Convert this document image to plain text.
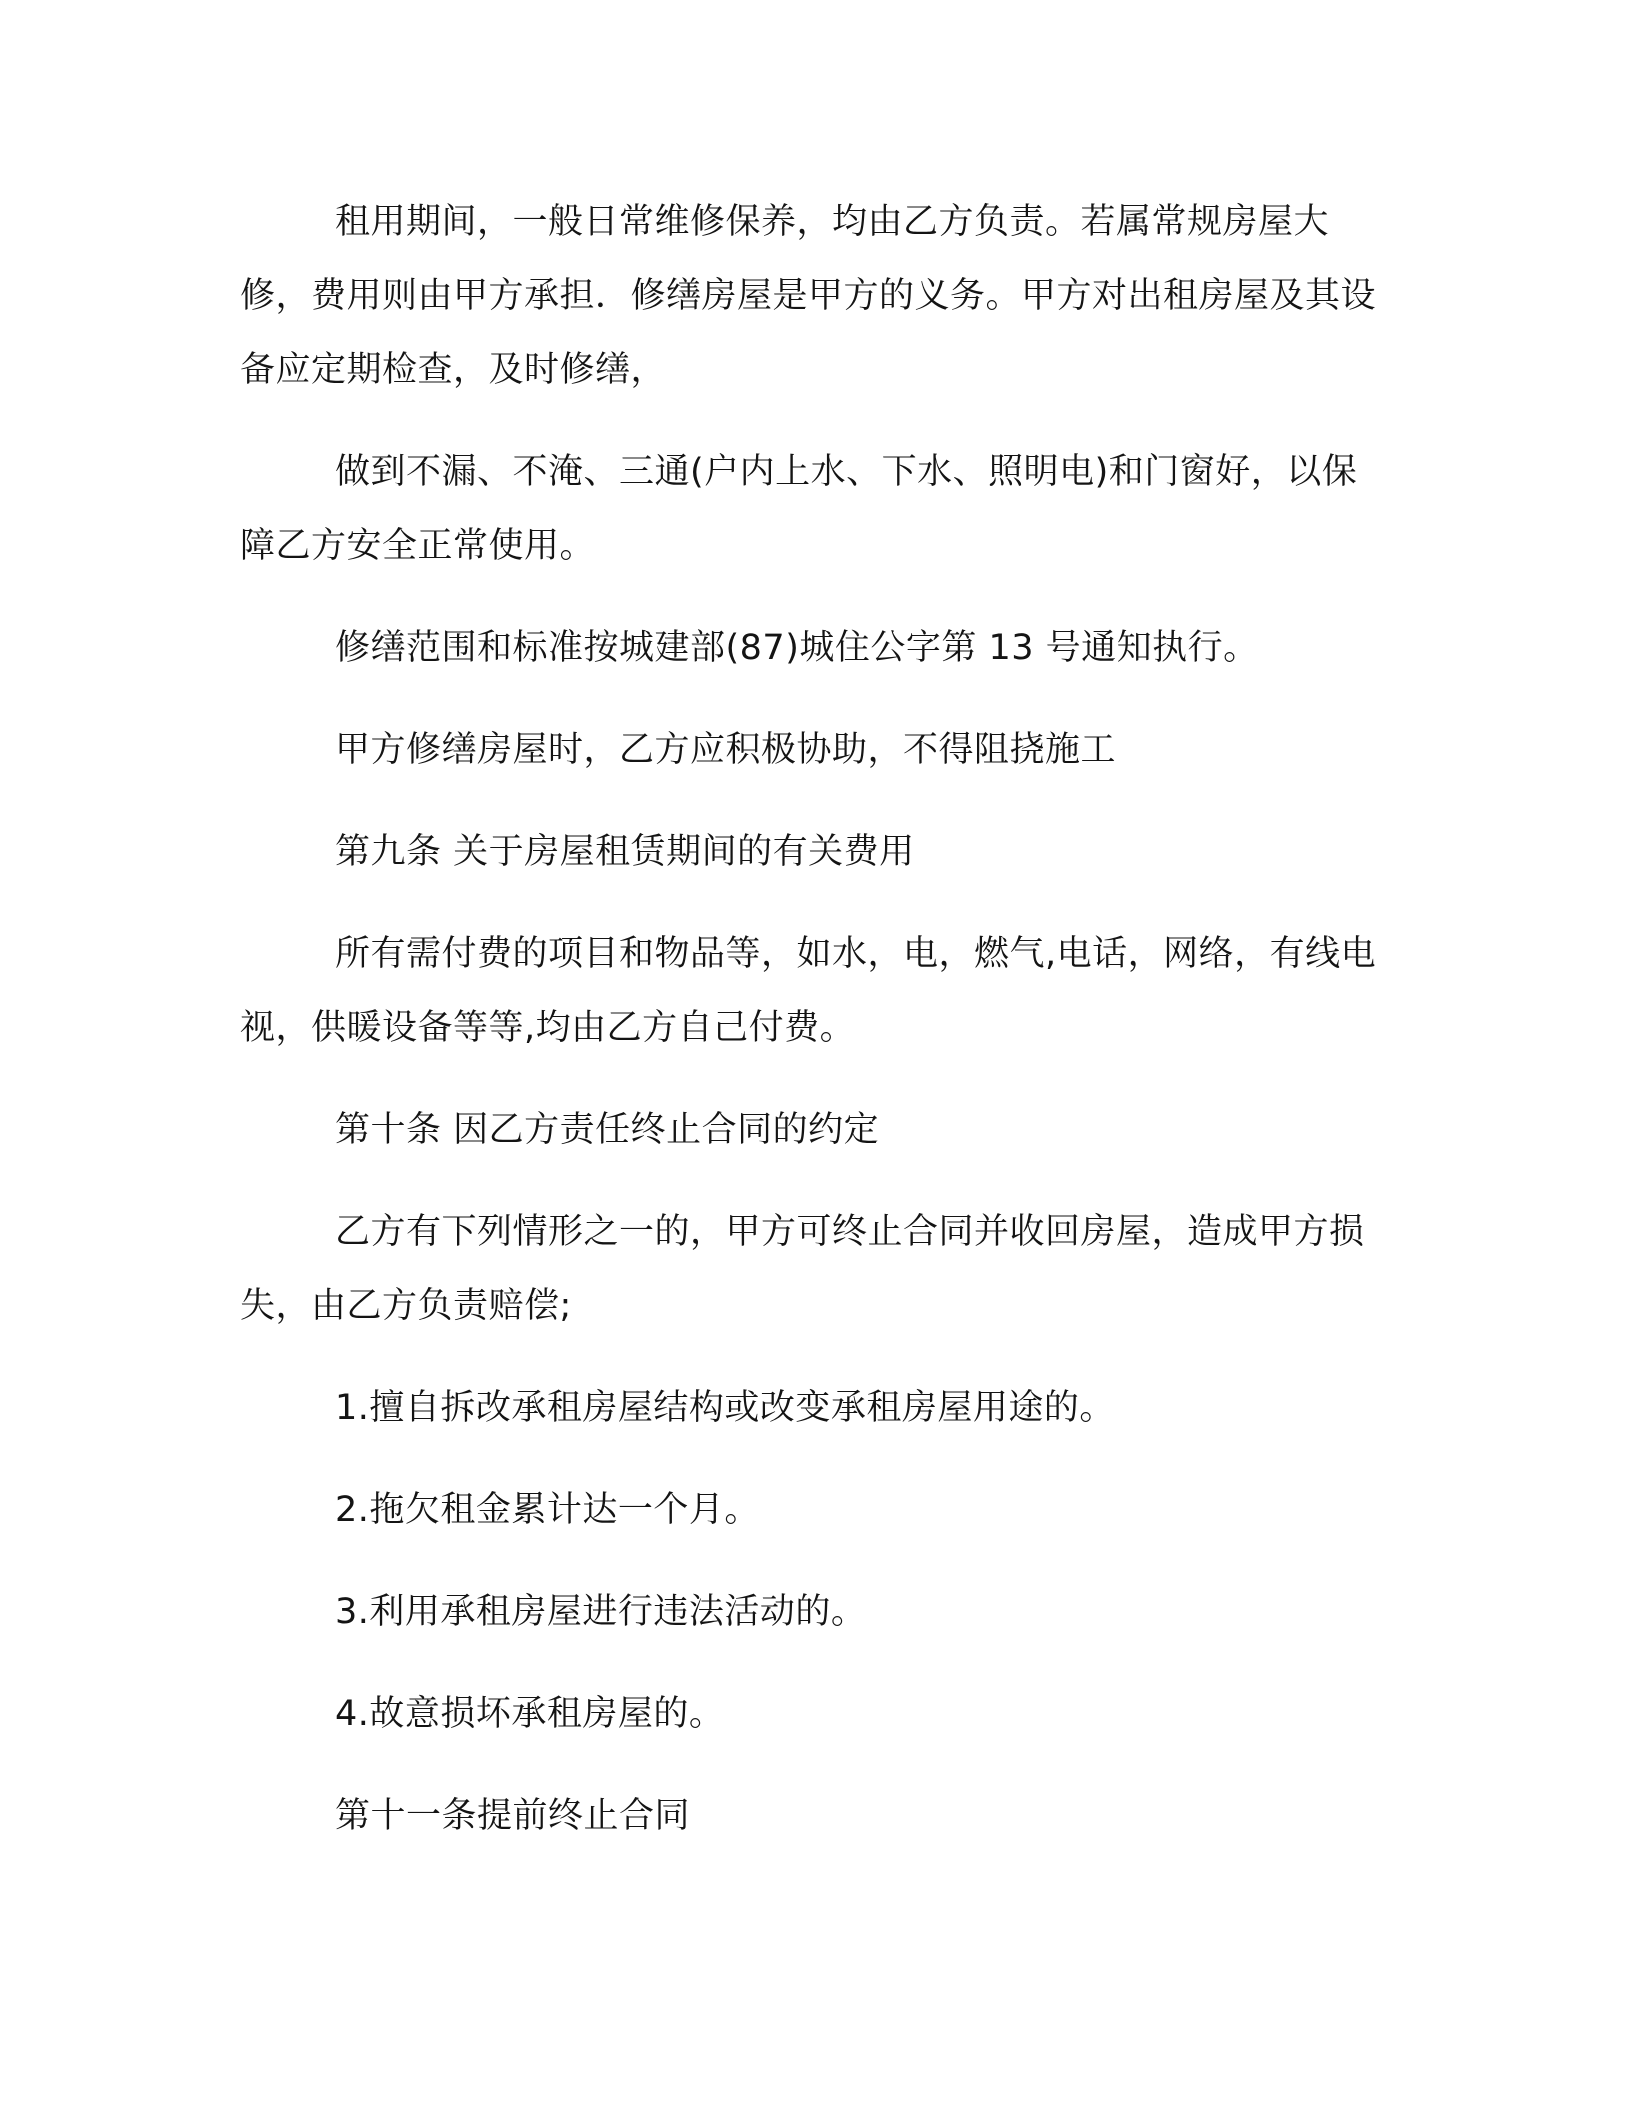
租用期间，一般日常维修保养，均由乙方负责。若属常规房屋大修，费用则由甲方承担．修缮房屋是甲方的义务。甲方对出租房屋及其设备应定期检查，及时修缮，

做到不漏、不淹、三通(户内上水、下水、照明电)和门窗好，以保障乙方安全正常使用。

修缮范围和标准按城建部(87)城住公字第 13 号通知执行。

甲方修缮房屋时，乙方应积极协助，不得阻挠施工

第九条 关于房屋租赁期间的有关费用

所有需付费的项目和物品等，如水，电，燃气,电话，网络，有线电视，供暖设备等等,均由乙方自己付费。

第十条 因乙方责任终止合同的约定

乙方有下列情形之一的，甲方可终止合同并收回房屋，造成甲方损失，由乙方负责赔偿;

1.擅自拆改承租房屋结构或改变承租房屋用途的。

2.拖欠租金累计达一个月。

3.利用承租房屋进行违法活动的。

4.故意损坏承租房屋的。

第十一条提前终止合同
